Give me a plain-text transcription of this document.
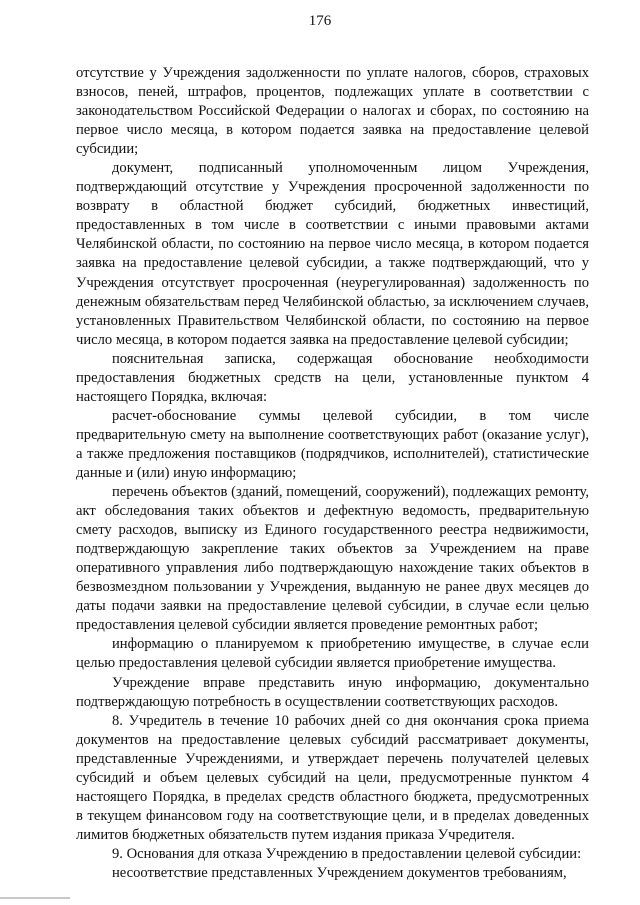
176

отсутствие у Учреждения задолженности по уплате налогов, сборов, страховых взносов, пеней, штрафов, процентов, подлежащих уплате в соответствии с законодательством Российской Федерации о налогах и сборах, по состоянию на первое число месяца, в котором подается заявка на предоставление целевой субсидии;

документ, подписанный уполномоченным лицом Учреждения, подтверждающий отсутствие у Учреждения просроченной задолженности по возврату в областной бюджет субсидий, бюджетных инвестиций, предоставленных в том числе в соответствии с иными правовыми актами Челябинской области, по состоянию на первое число месяца, в котором подается заявка на предоставление целевой субсидии, а также подтверждающий, что у Учреждения отсутствует просроченная (неурегулированная) задолженность по денежным обязательствам перед Челябинской областью, за исключением случаев, установленных Правительством Челябинской области, по состоянию на первое число месяца, в котором подается заявка на предоставление целевой субсидии;

пояснительная записка, содержащая обоснование необходимости предоставления бюджетных средств на цели, установленные пунктом 4 настоящего Порядка, включая:

расчет-обоснование суммы целевой субсидии, в том числе предварительную смету на выполнение соответствующих работ (оказание услуг), а также предложения поставщиков (подрядчиков, исполнителей), статистические данные и (или) иную информацию;

перечень объектов (зданий, помещений, сооружений), подлежащих ремонту, акт обследования таких объектов и дефектную ведомость, предварительную смету расходов, выписку из Единого государственного реестра недвижимости, подтверждающую закрепление таких объектов за Учреждением на праве оперативного управления либо подтверждающую нахождение таких объектов в безвозмездном пользовании у Учреждения, выданную не ранее двух месяцев до даты подачи заявки на предоставление целевой субсидии, в случае если целью предоставления целевой субсидии является проведение ремонтных работ;

информацию о планируемом к приобретению имуществе, в случае если целью предоставления целевой субсидии является приобретение имущества.

Учреждение вправе представить иную информацию, документально подтверждающую потребность в осуществлении соответствующих расходов.

8. Учредитель в течение 10 рабочих дней со дня окончания срока приема документов на предоставление целевых субсидий рассматривает документы, представленные Учреждениями, и утверждает перечень получателей целевых субсидий и объем целевых субсидий на цели, предусмотренные пунктом 4 настоящего Порядка, в пределах средств областного бюджета, предусмотренных в текущем финансовом году на соответствующие цели, и в пределах доведенных лимитов бюджетных обязательств путем издания приказа Учредителя.

9. Основания для отказа Учреждению в предоставлении целевой субсидии:

несоответствие представленных Учреждением документов требованиям,
